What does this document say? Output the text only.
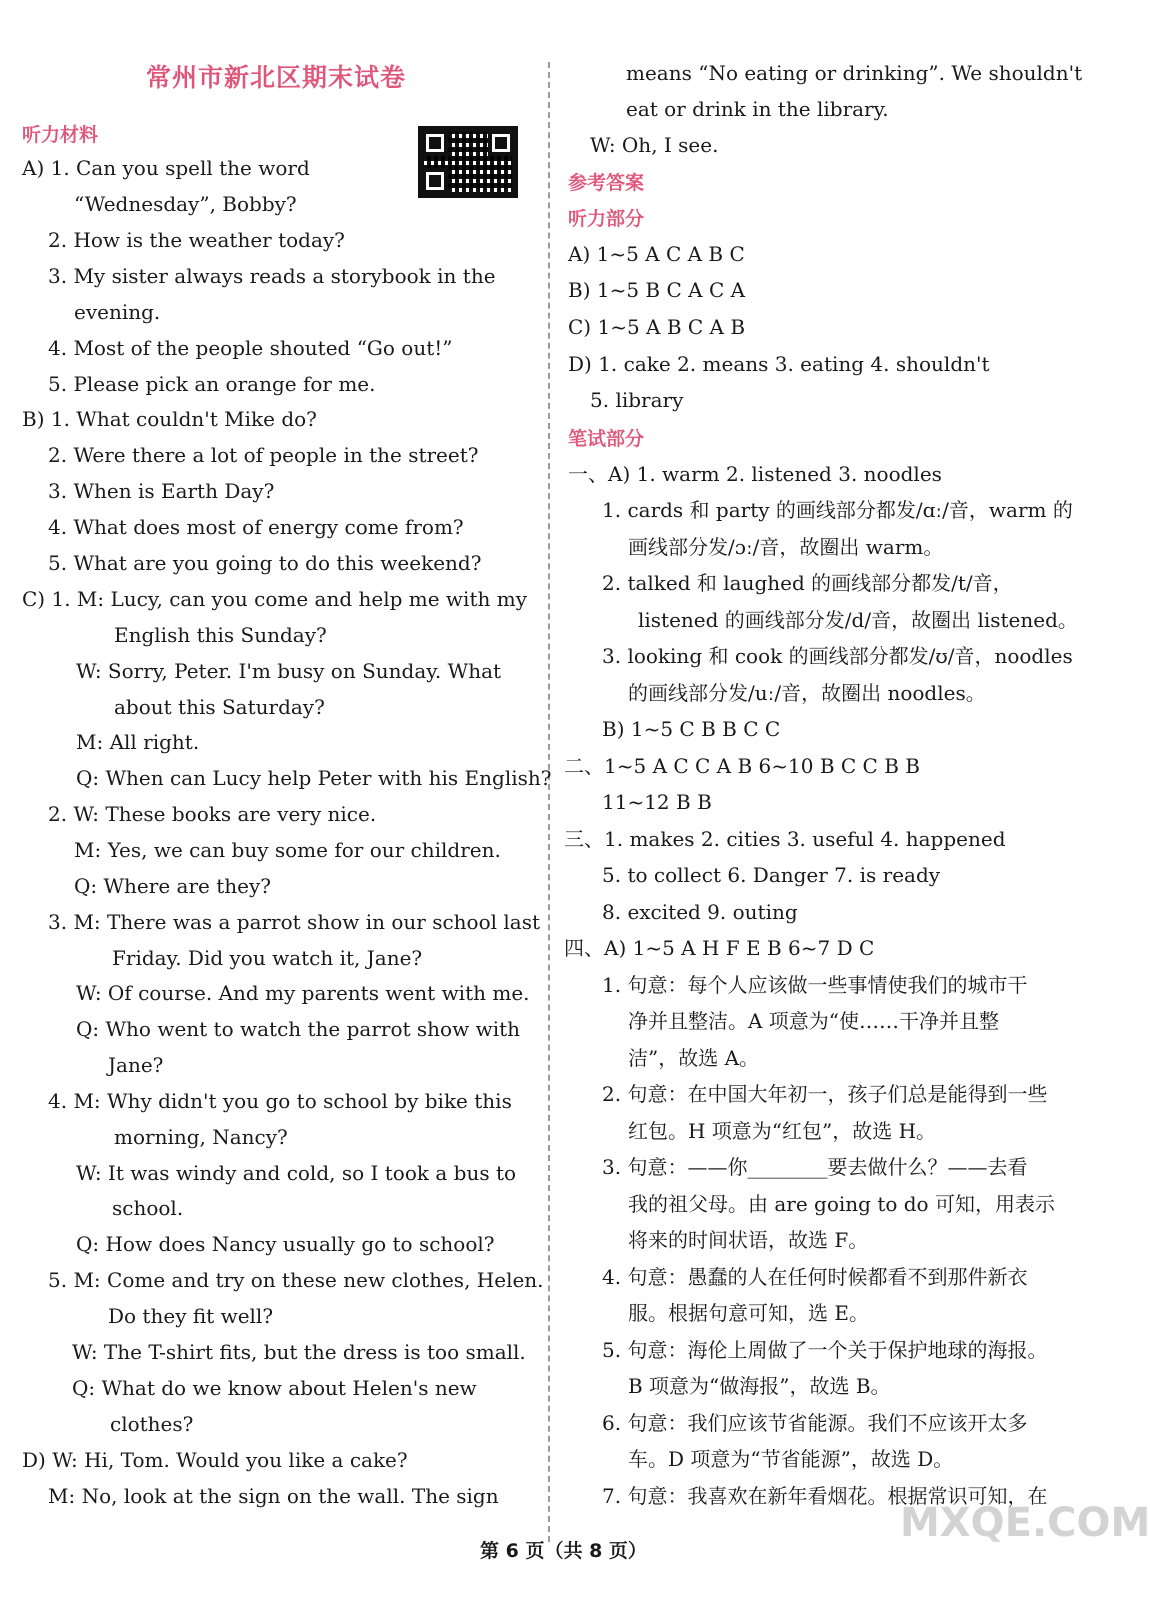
常州市新北区期末试卷
听力材料
A) 1. Can you spell the word
“Wednesday”, Bobby?
2. How is the weather today?
3. My sister always reads a storybook in the
evening.
4. Most of the people shouted “Go out!”
5. Please pick an orange for me.
B) 1. What couldn't Mike do?
2. Were there a lot of people in the street?
3. When is Earth Day?
4. What does most of energy come from?
5. What are you going to do this weekend?
C) 1. M: Lucy, can you come and help me with my
English this Sunday?
W: Sorry, Peter. I'm busy on Sunday. What
about this Saturday?
M: All right.
Q: When can Lucy help Peter with his English?
2. W: These books are very nice.
M: Yes, we can buy some for our children.
Q: Where are they?
3. M: There was a parrot show in our school last
Friday. Did you watch it, Jane?
W: Of course. And my parents went with me.
Q: Who went to watch the parrot show with
Jane?
4. M: Why didn't you go to school by bike this
morning, Nancy?
W: It was windy and cold, so I took a bus to
school.
Q: How does Nancy usually go to school?
5. M: Come and try on these new clothes, Helen.
Do they fit well?
W: The T-shirt fits, but the dress is too small.
Q: What do we know about Helen's new
clothes?
D) W: Hi, Tom. Would you like a cake?
M: No, look at the sign on the wall. The sign
means “No eating or drinking”. We shouldn't
eat or drink in the library.
W: Oh, I see.
参考答案
听力部分
A) 1~5 A C A B C
B) 1~5 B C A C A
C) 1~5 A B C A B
D) 1. cake 2. means 3. eating 4. shouldn't
5. library
笔试部分
一、A) 1. warm 2. listened 3. noodles
1. cards 和 party 的画线部分都发/ɑː/音，warm 的
画线部分发/ɔː/音，故圈出 warm。
2. talked 和 laughed 的画线部分都发/t/音，
listened 的画线部分发/d/音，故圈出 listened。
3. looking 和 cook 的画线部分都发/ʊ/音，noodles
的画线部分发/uː/音，故圈出 noodles。
B) 1~5 C B B C C
二、1~5 A C C A B 6~10 B C C B B
11~12 B B
三、1. makes 2. cities 3. useful 4. happened
5. to collect 6. Danger 7. is ready
8. excited 9. outing
四、A) 1~5 A H F E B 6~7 D C
1. 句意：每个人应该做一些事情使我们的城市干
净并且整洁。A 项意为“使……干净并且整
洁”，故选 A。
2. 句意：在中国大年初一，孩子们总是能得到一些
红包。H 项意为“红包”，故选 H。
3. 句意：——你________要去做什么？——去看
我的祖父母。由 are going to do 可知，用表示
将来的时间状语，故选 F。
4. 句意：愚蠢的人在任何时候都看不到那件新衣
服。根据句意可知，选 E。
5. 句意：海伦上周做了一个关于保护地球的海报。
B 项意为“做海报”，故选 B。
6. 句意：我们应该节省能源。我们不应该开太多
车。D 项意为“节省能源”，故选 D。
7. 句意：我喜欢在新年看烟花。根据常识可知，在
MXQE.COM
第 6 页（共 8 页）
